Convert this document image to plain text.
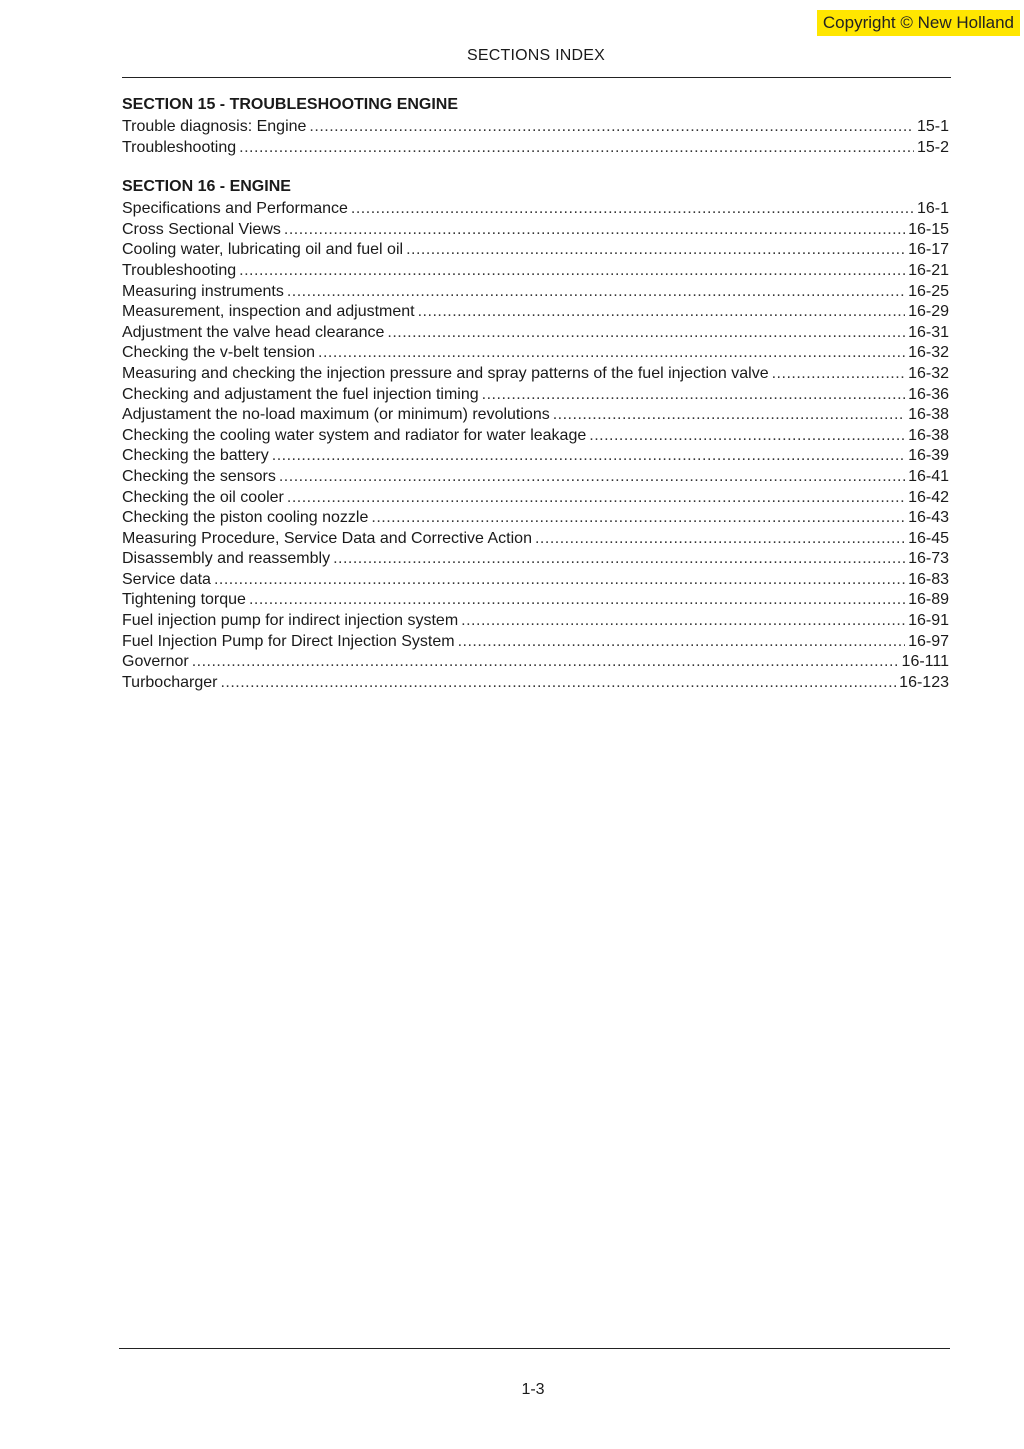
Copyright © New Holland
SECTIONS INDEX
SECTION 15 - TROUBLESHOOTING ENGINE
Trouble diagnosis: Engine .....	15-1
Troubleshooting .....	15-2
SECTION 16 - ENGINE
Specifications and Performance .....	16-1
Cross Sectional Views .....	16-15
Cooling water, lubricating oil and fuel oil .....	16-17
Troubleshooting .....	16-21
Measuring instruments .....	16-25
Measurement, inspection and adjustment .....	16-29
Adjustment the valve head clearance .....	16-31
Checking the v-belt tension .....	16-32
Measuring and checking the injection pressure and spray patterns of the fuel injection valve .....	16-32
Checking and adjustament the fuel injection timing .....	16-36
Adjustament the no-load maximum (or minimum) revolutions .....	16-38
Checking the cooling water system and radiator for water leakage .....	16-38
Checking the battery .....	16-39
Checking the sensors .....	16-41
Checking the oil cooler .....	16-42
Checking the piston cooling nozzle .....	16-43
Measuring Procedure, Service Data and Corrective Action .....	16-45
Disassembly and reassembly .....	16-73
Service data .....	16-83
Tightening torque .....	16-89
Fuel injection pump for indirect injection system .....	16-91
Fuel Injection Pump for Direct Injection System .....	16-97
Governor .....	16-111
Turbocharger .....	16-123
1-3
